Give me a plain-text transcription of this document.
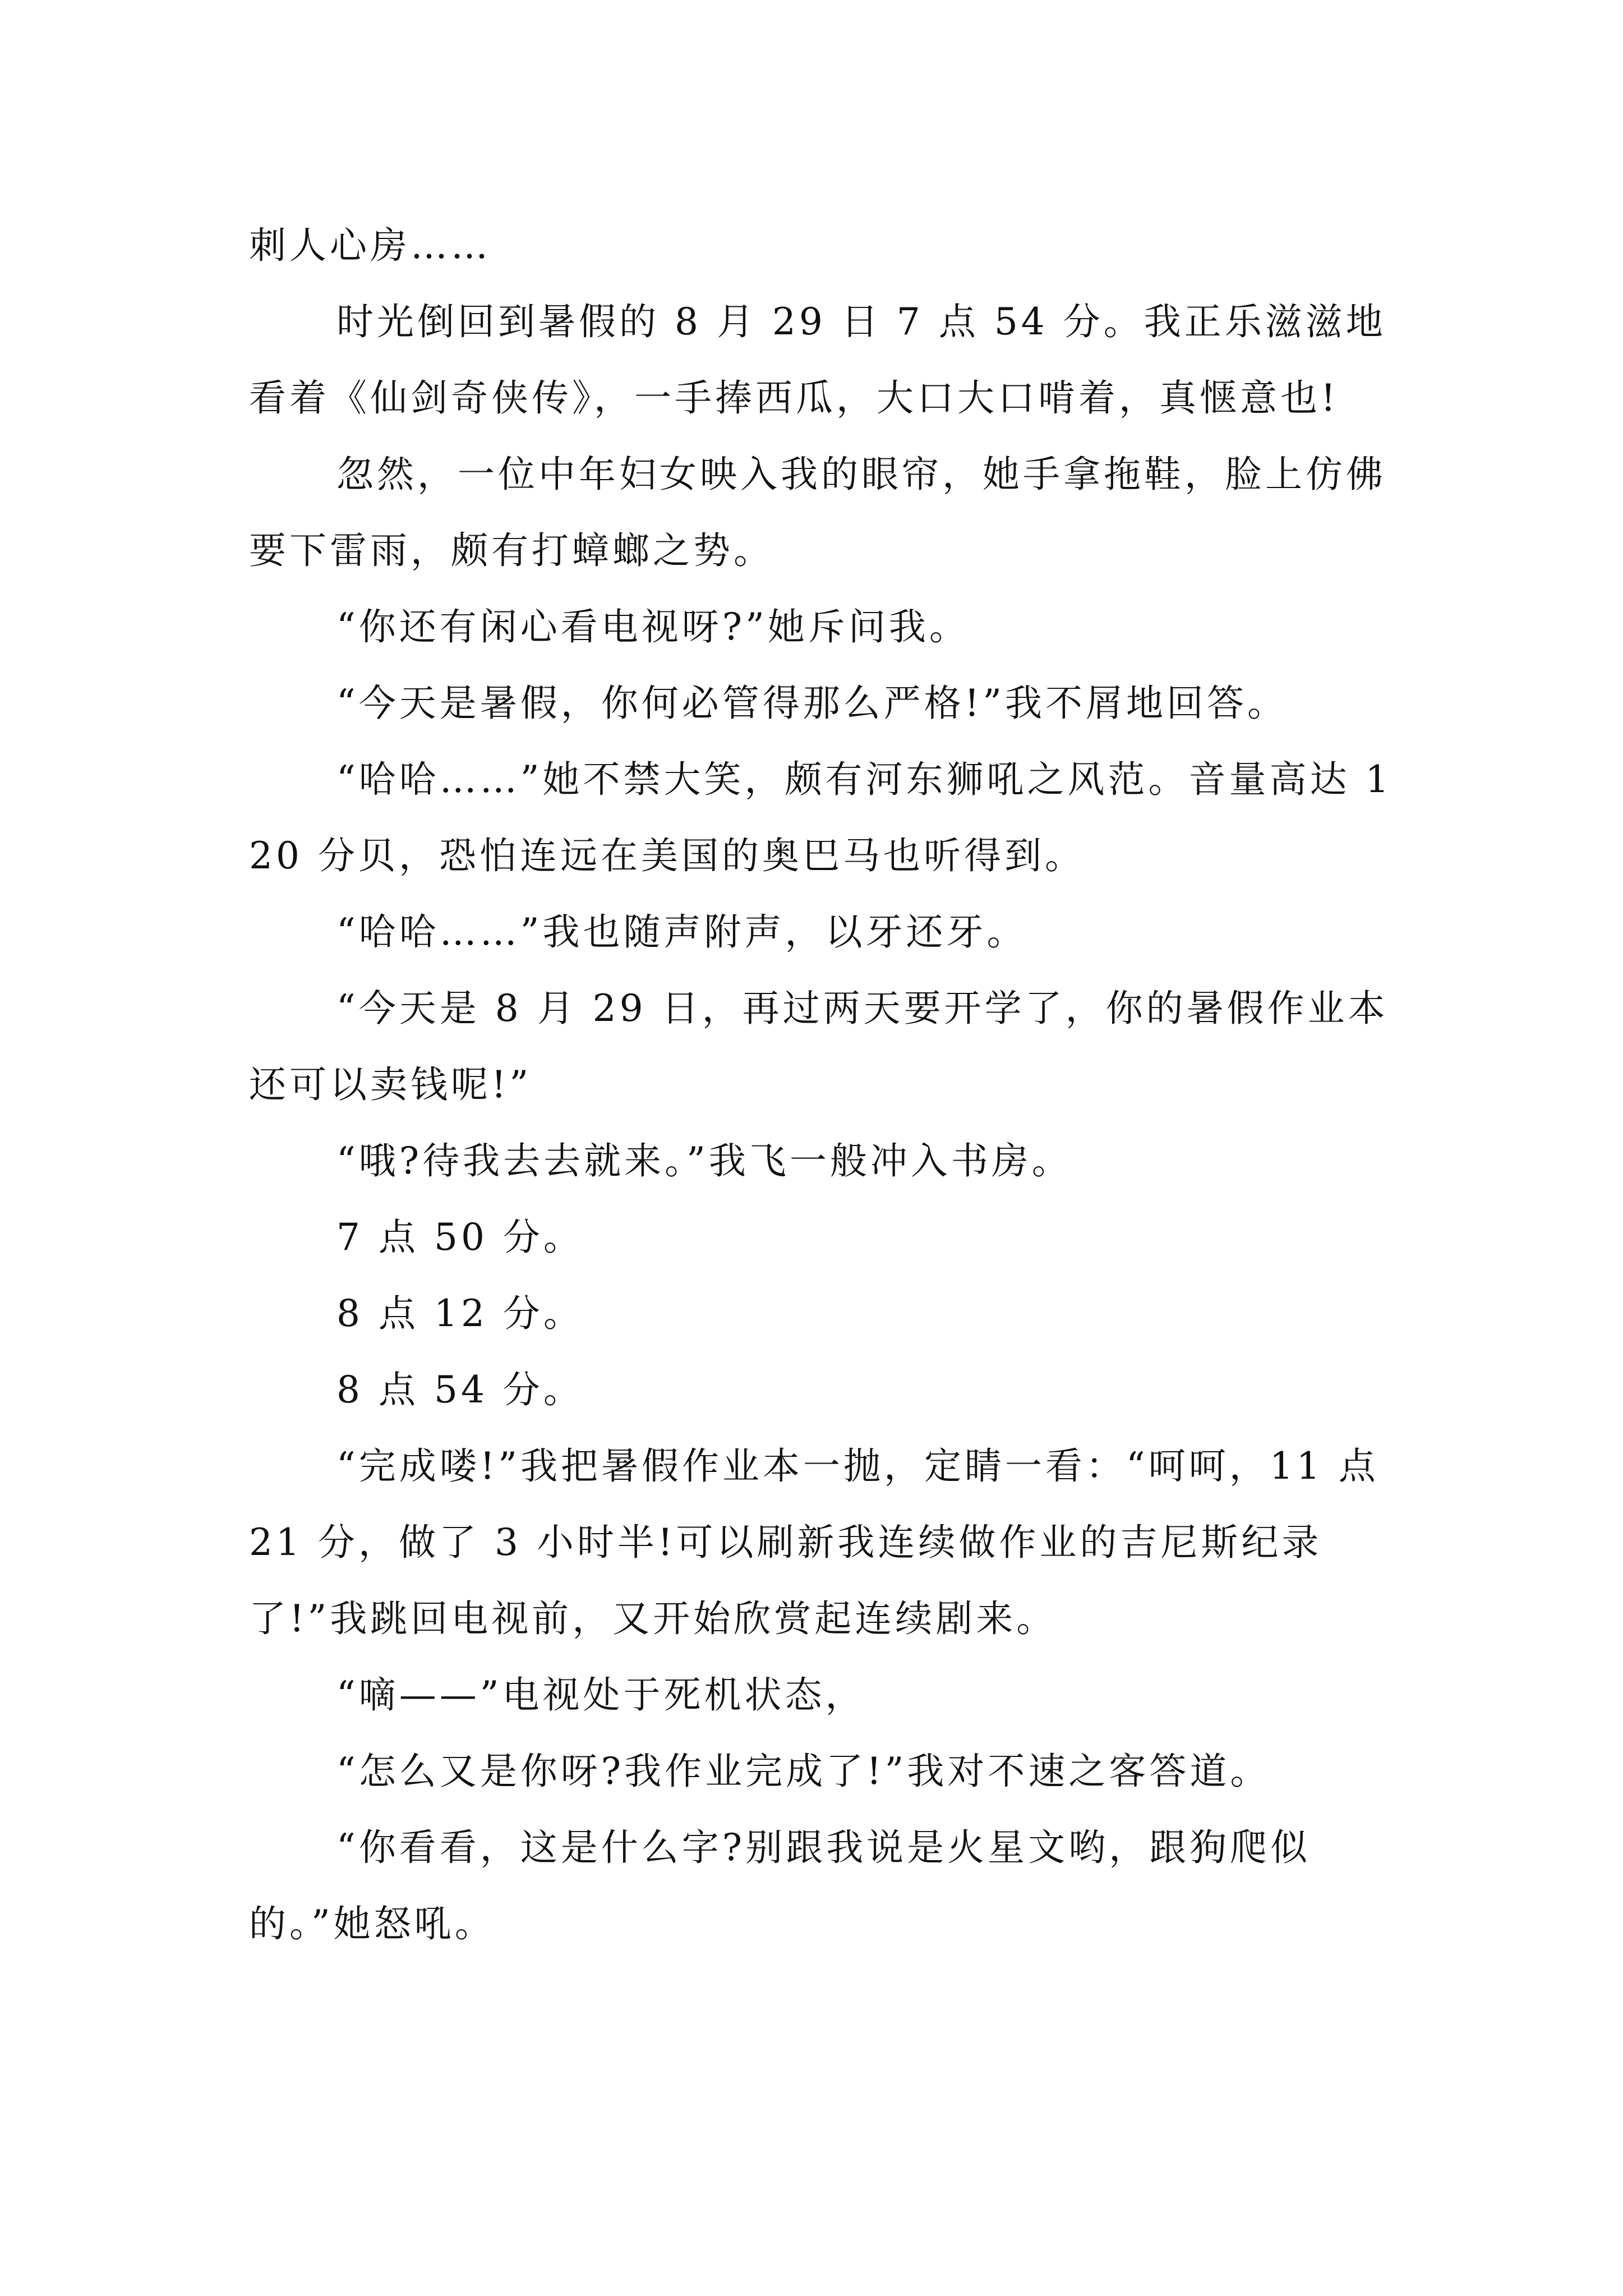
刺人心房……

时光倒回到暑假的 8 月 29 日 7 点 54 分。我正乐滋滋地看着《仙剑奇侠传》，一手捧西瓜，大口大口啃着，真惬意也!

忽然，一位中年妇女映入我的眼帘，她手拿拖鞋，脸上仿佛要下雷雨，颇有打蟑螂之势。

“你还有闲心看电视呀?”她斥问我。

“今天是暑假，你何必管得那么严格!”我不屑地回答。

“哈哈……”她不禁大笑，颇有河东狮吼之风范。音量高达 120 分贝，恐怕连远在美国的奥巴马也听得到。

“哈哈……”我也随声附声，以牙还牙。

“今天是 8 月 29 日，再过两天要开学了，你的暑假作业本还可以卖钱呢!”

“哦?待我去去就来。”我飞一般冲入书房。

7 点 50 分。

8 点 12 分。

8 点 54 分。

“完成喽!”我把暑假作业本一抛，定睛一看：“呵呵，11 点 21 分，做了 3 小时半!可以刷新我连续做作业的吉尼斯纪录了!”我跳回电视前，又开始欣赏起连续剧来。

“嘀——”电视处于死机状态，

“怎么又是你呀?我作业完成了!”我对不速之客答道。

“你看看，这是什么字?别跟我说是火星文哟，跟狗爬似的。”她怒吼。
